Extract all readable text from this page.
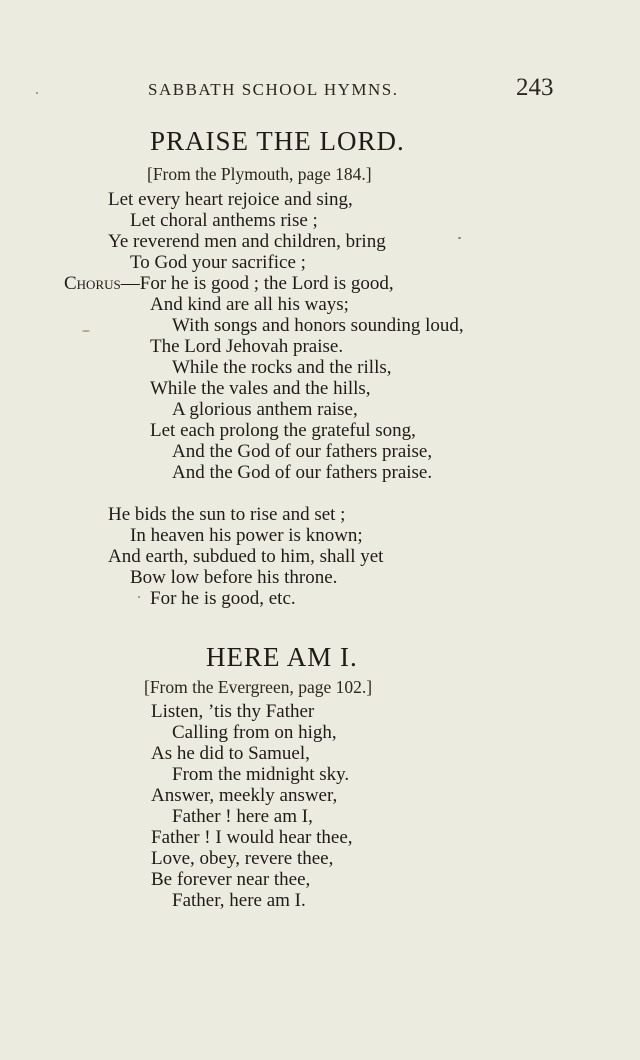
SABBATH SCHOOL HYMNS.	243
PRAISE THE LORD.
[From the Plymouth, page 184.]
Let every heart rejoice and sing,
Let choral anthems rise ;
Ye reverend men and children, bring
To God your sacrifice ;
Chorus—For he is good ; the Lord is good,
And kind are all his ways;
With songs and honors sounding loud,
The Lord Jehovah praise.
While the rocks and the rills,
While the vales and the hills,
A glorious anthem raise,
Let each prolong the grateful song,
And the God of our fathers praise,
And the God of our fathers praise.
He bids the sun to rise and set ;
In heaven his power is known;
And earth, subdued to him, shall yet
Bow low before his throne.
For he is good, etc.
HERE AM I.
[From the Evergreen, page 102.]
Listen, ’tis thy Father
Calling from on high,
As he did to Samuel,
From the midnight sky.
Answer, meekly answer,
Father ! here am I,
Father ! I would hear thee,
Love, obey, revere thee,
Be forever near thee,
Father, here am I.
